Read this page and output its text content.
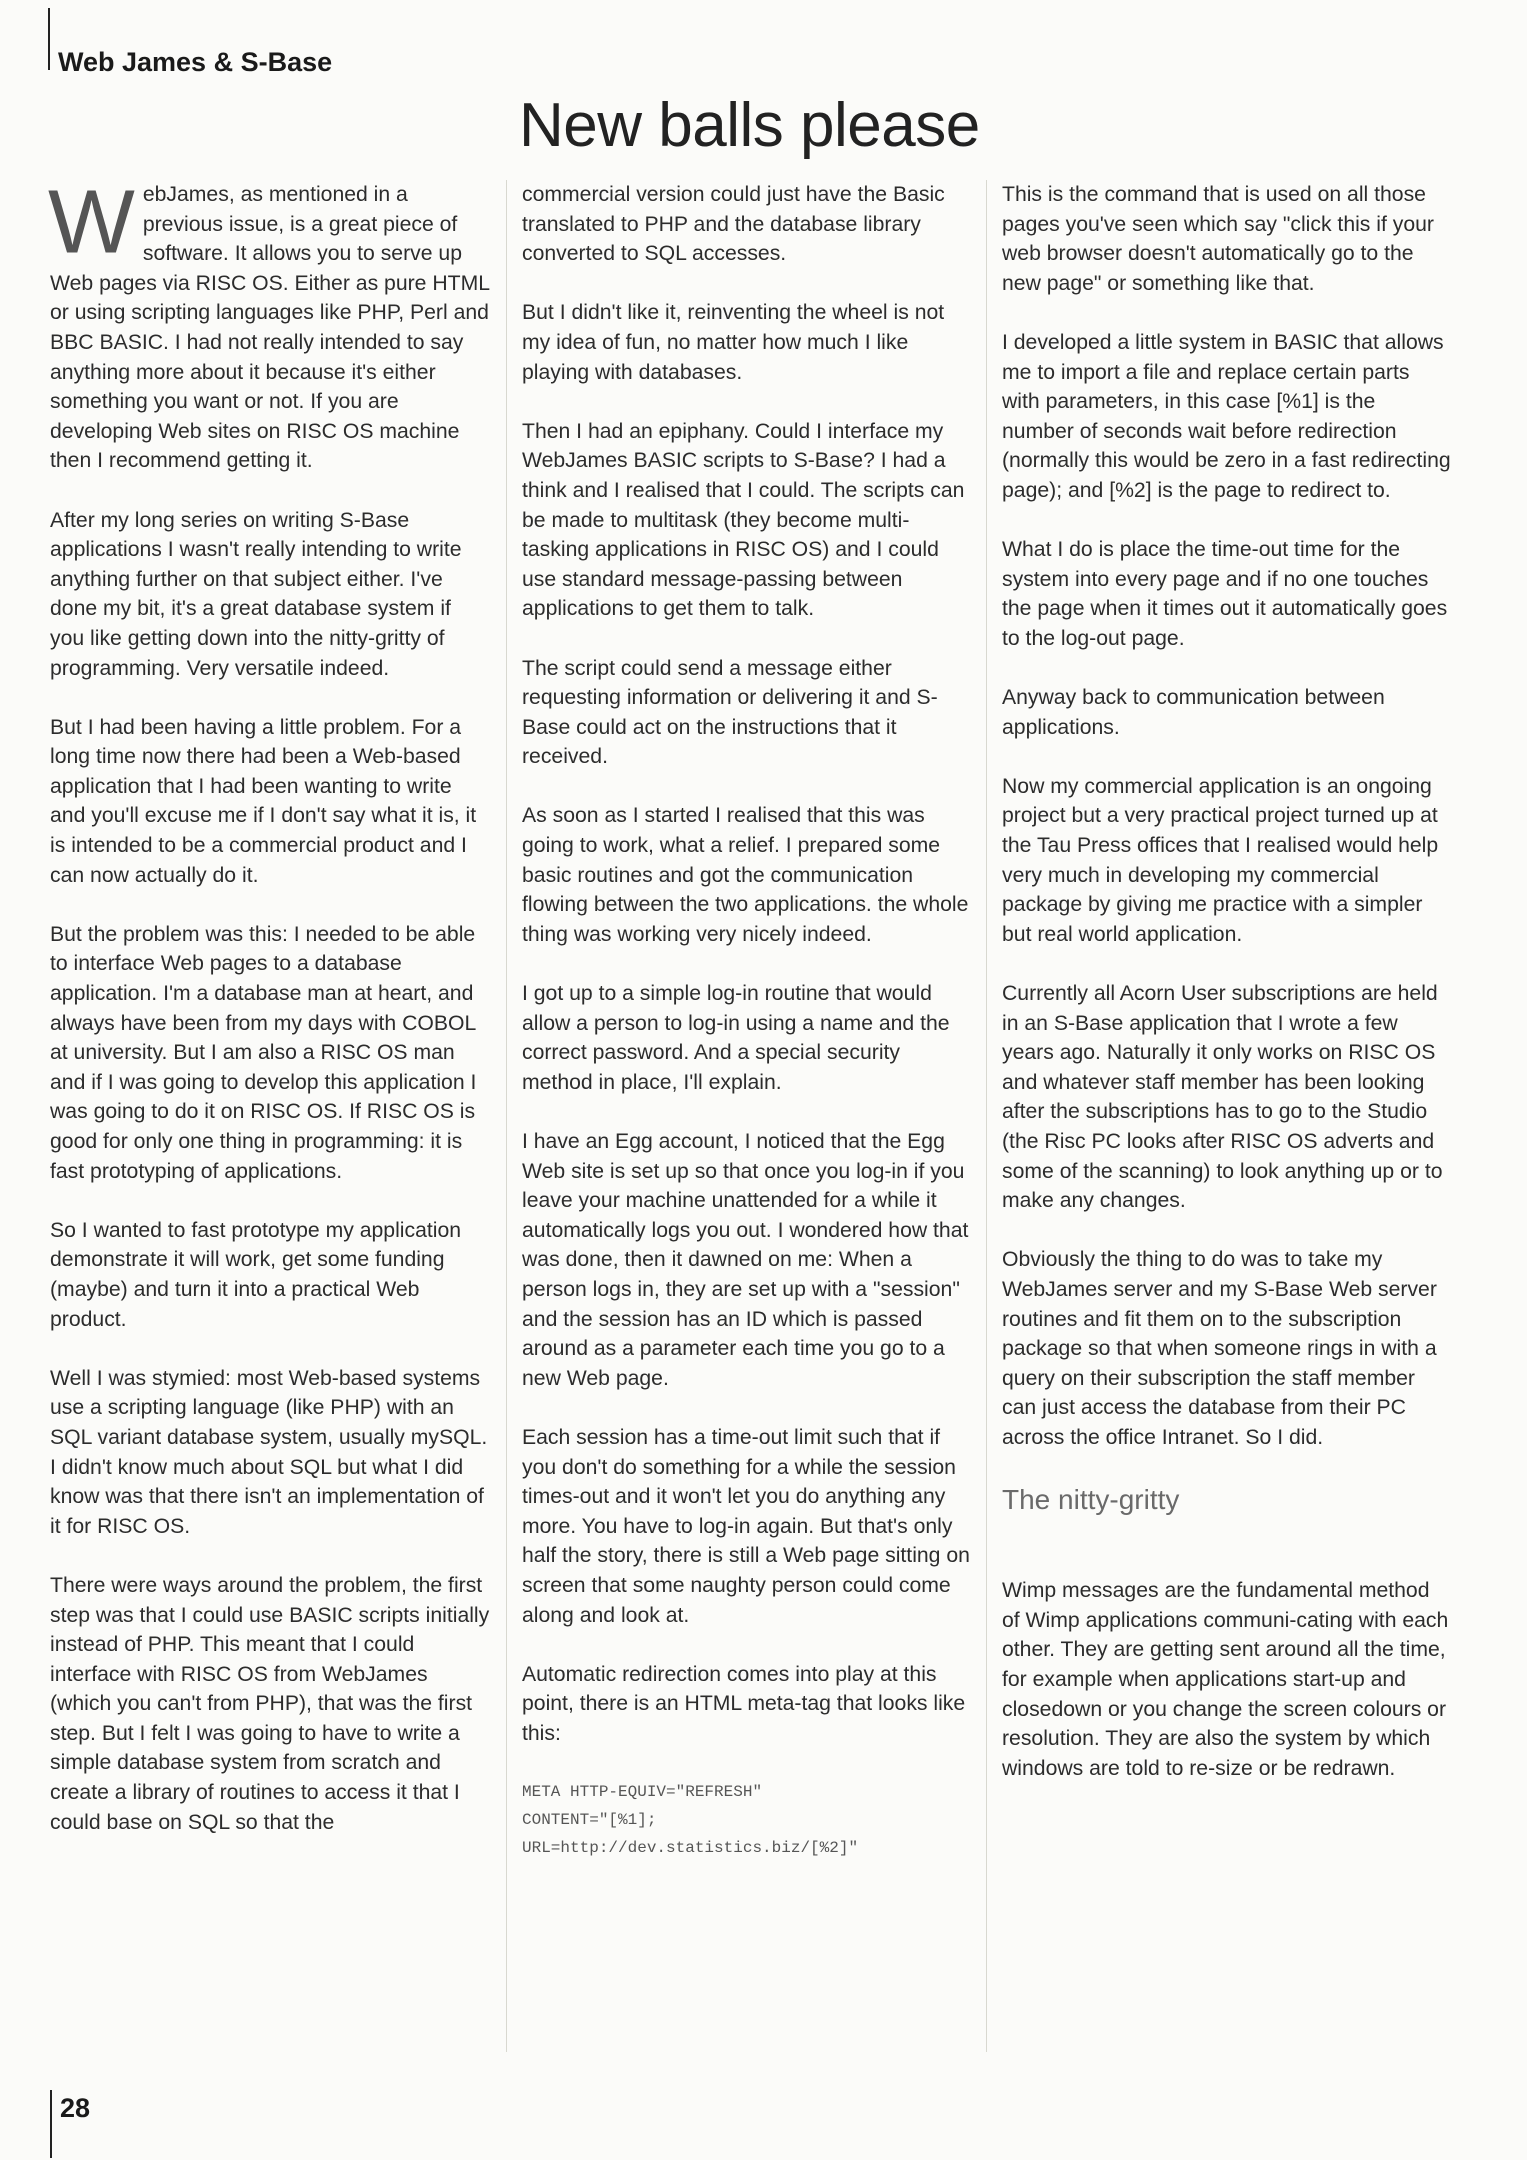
Web James & S-Base
New balls please

WebJames, as mentioned in a previous issue, is a great piece of software. It allows you to serve up Web pages via RISC OS. Either as pure HTML or using scripting languages like PHP, Perl and BBC BASIC. I had not really intended to say anything more about it because it's either something you want or not. If you are developing Web sites on RISC OS machine then I recommend getting it.

After my long series on writing S-Base applications I wasn't really intending to write anything further on that subject either. I've done my bit, it's a great database system if you like getting down into the nitty-gritty of programming. Very versatile indeed.

But I had been having a little problem. For a long time now there had been a Web-based application that I had been wanting to write and you'll excuse me if I don't say what it is, it is intended to be a commercial product and I can now actually do it.

But the problem was this: I needed to be able to interface Web pages to a database application. I'm a database man at heart, and always have been from my days with COBOL at university. But I am also a RISC OS man and if I was going to develop this application I was going to do it on RISC OS. If RISC OS is good for only one thing in programming: it is fast prototyping of applications.

So I wanted to fast prototype my application demonstrate it will work, get some funding (maybe) and turn it into a practical Web product.

Well I was stymied: most Web-based systems use a scripting language (like PHP) with an SQL variant database system, usually mySQL. I didn't know much about SQL but what I did know was that there isn't an implementation of it for RISC OS.

There were ways around the problem, the first step was that I could use BASIC scripts initially instead of PHP. This meant that I could interface with RISC OS from WebJames (which you can't from PHP), that was the first step. But I felt I was going to have to write a simple database system from scratch and create a library of routines to access it that I could base on SQL so that the

commercial version could just have the Basic translated to PHP and the database library converted to SQL accesses.

But I didn't like it, reinventing the wheel is not my idea of fun, no matter how much I like playing with databases.

Then I had an epiphany. Could I interface my WebJames BASIC scripts to S-Base? I had a think and I realised that I could. The scripts can be made to multitask (they become multi-tasking applications in RISC OS) and I could use standard message-passing between applications to get them to talk.

The script could send a message either requesting information or delivering it and S-Base could act on the instructions that it received.

As soon as I started I realised that this was going to work, what a relief. I prepared some basic routines and got the communication flowing between the two applications. the whole thing was working very nicely indeed.

I got up to a simple log-in routine that would allow a person to log-in using a name and the correct password. And a special security method in place, I'll explain.

I have an Egg account, I noticed that the Egg Web site is set up so that once you log-in if you leave your machine unattended for a while it automatically logs you out. I wondered how that was done, then it dawned on me: When a person logs in, they are set up with a "session" and the session has an ID which is passed around as a parameter each time you go to a new Web page.

Each session has a time-out limit such that if you don't do something for a while the session times-out and it won't let you do anything any more. You have to log-in again. But that's only half the story, there is still a Web page sitting on screen that some naughty person could come along and look at.

Automatic redirection comes into play at this point, there is an HTML meta-tag that looks like this:

META HTTP-EQUIV="REFRESH"
CONTENT="[%1];
URL=http://dev.statistics.biz/[%2]"

This is the command that is used on all those pages you've seen which say "click this if your web browser doesn't automatically go to the new page" or something like that.

I developed a little system in BASIC that allows me to import a file and replace certain parts with parameters, in this case [%1] is the number of seconds wait before redirection (normally this would be zero in a fast redirecting page); and [%2] is the page to redirect to.

What I do is place the time-out time for the system into every page and if no one touches the page when it times out it automatically goes to the log-out page.

Anyway back to communication between applications.

Now my commercial application is an ongoing project but a very practical project turned up at the Tau Press offices that I realised would help very much in developing my commercial package by giving me practice with a simpler but real world application.

Currently all Acorn User subscriptions are held in an S-Base application that I wrote a few years ago. Naturally it only works on RISC OS and whatever staff member has been looking after the subscriptions has to go to the Studio (the Risc PC looks after RISC OS adverts and some of the scanning) to look anything up or to make any changes.

Obviously the thing to do was to take my WebJames server and my S-Base Web server routines and fit them on to the subscription package so that when someone rings in with a query on their subscription the staff member can just access the database from their PC across the office Intranet. So I did.

The nitty-gritty

Wimp messages are the fundamental method of Wimp applications communi-cating with each other. They are getting sent around all the time, for example when applications start-up and closedown or you change the screen colours or resolution. They are also the system by which windows are told to re-size or be redrawn.

28
